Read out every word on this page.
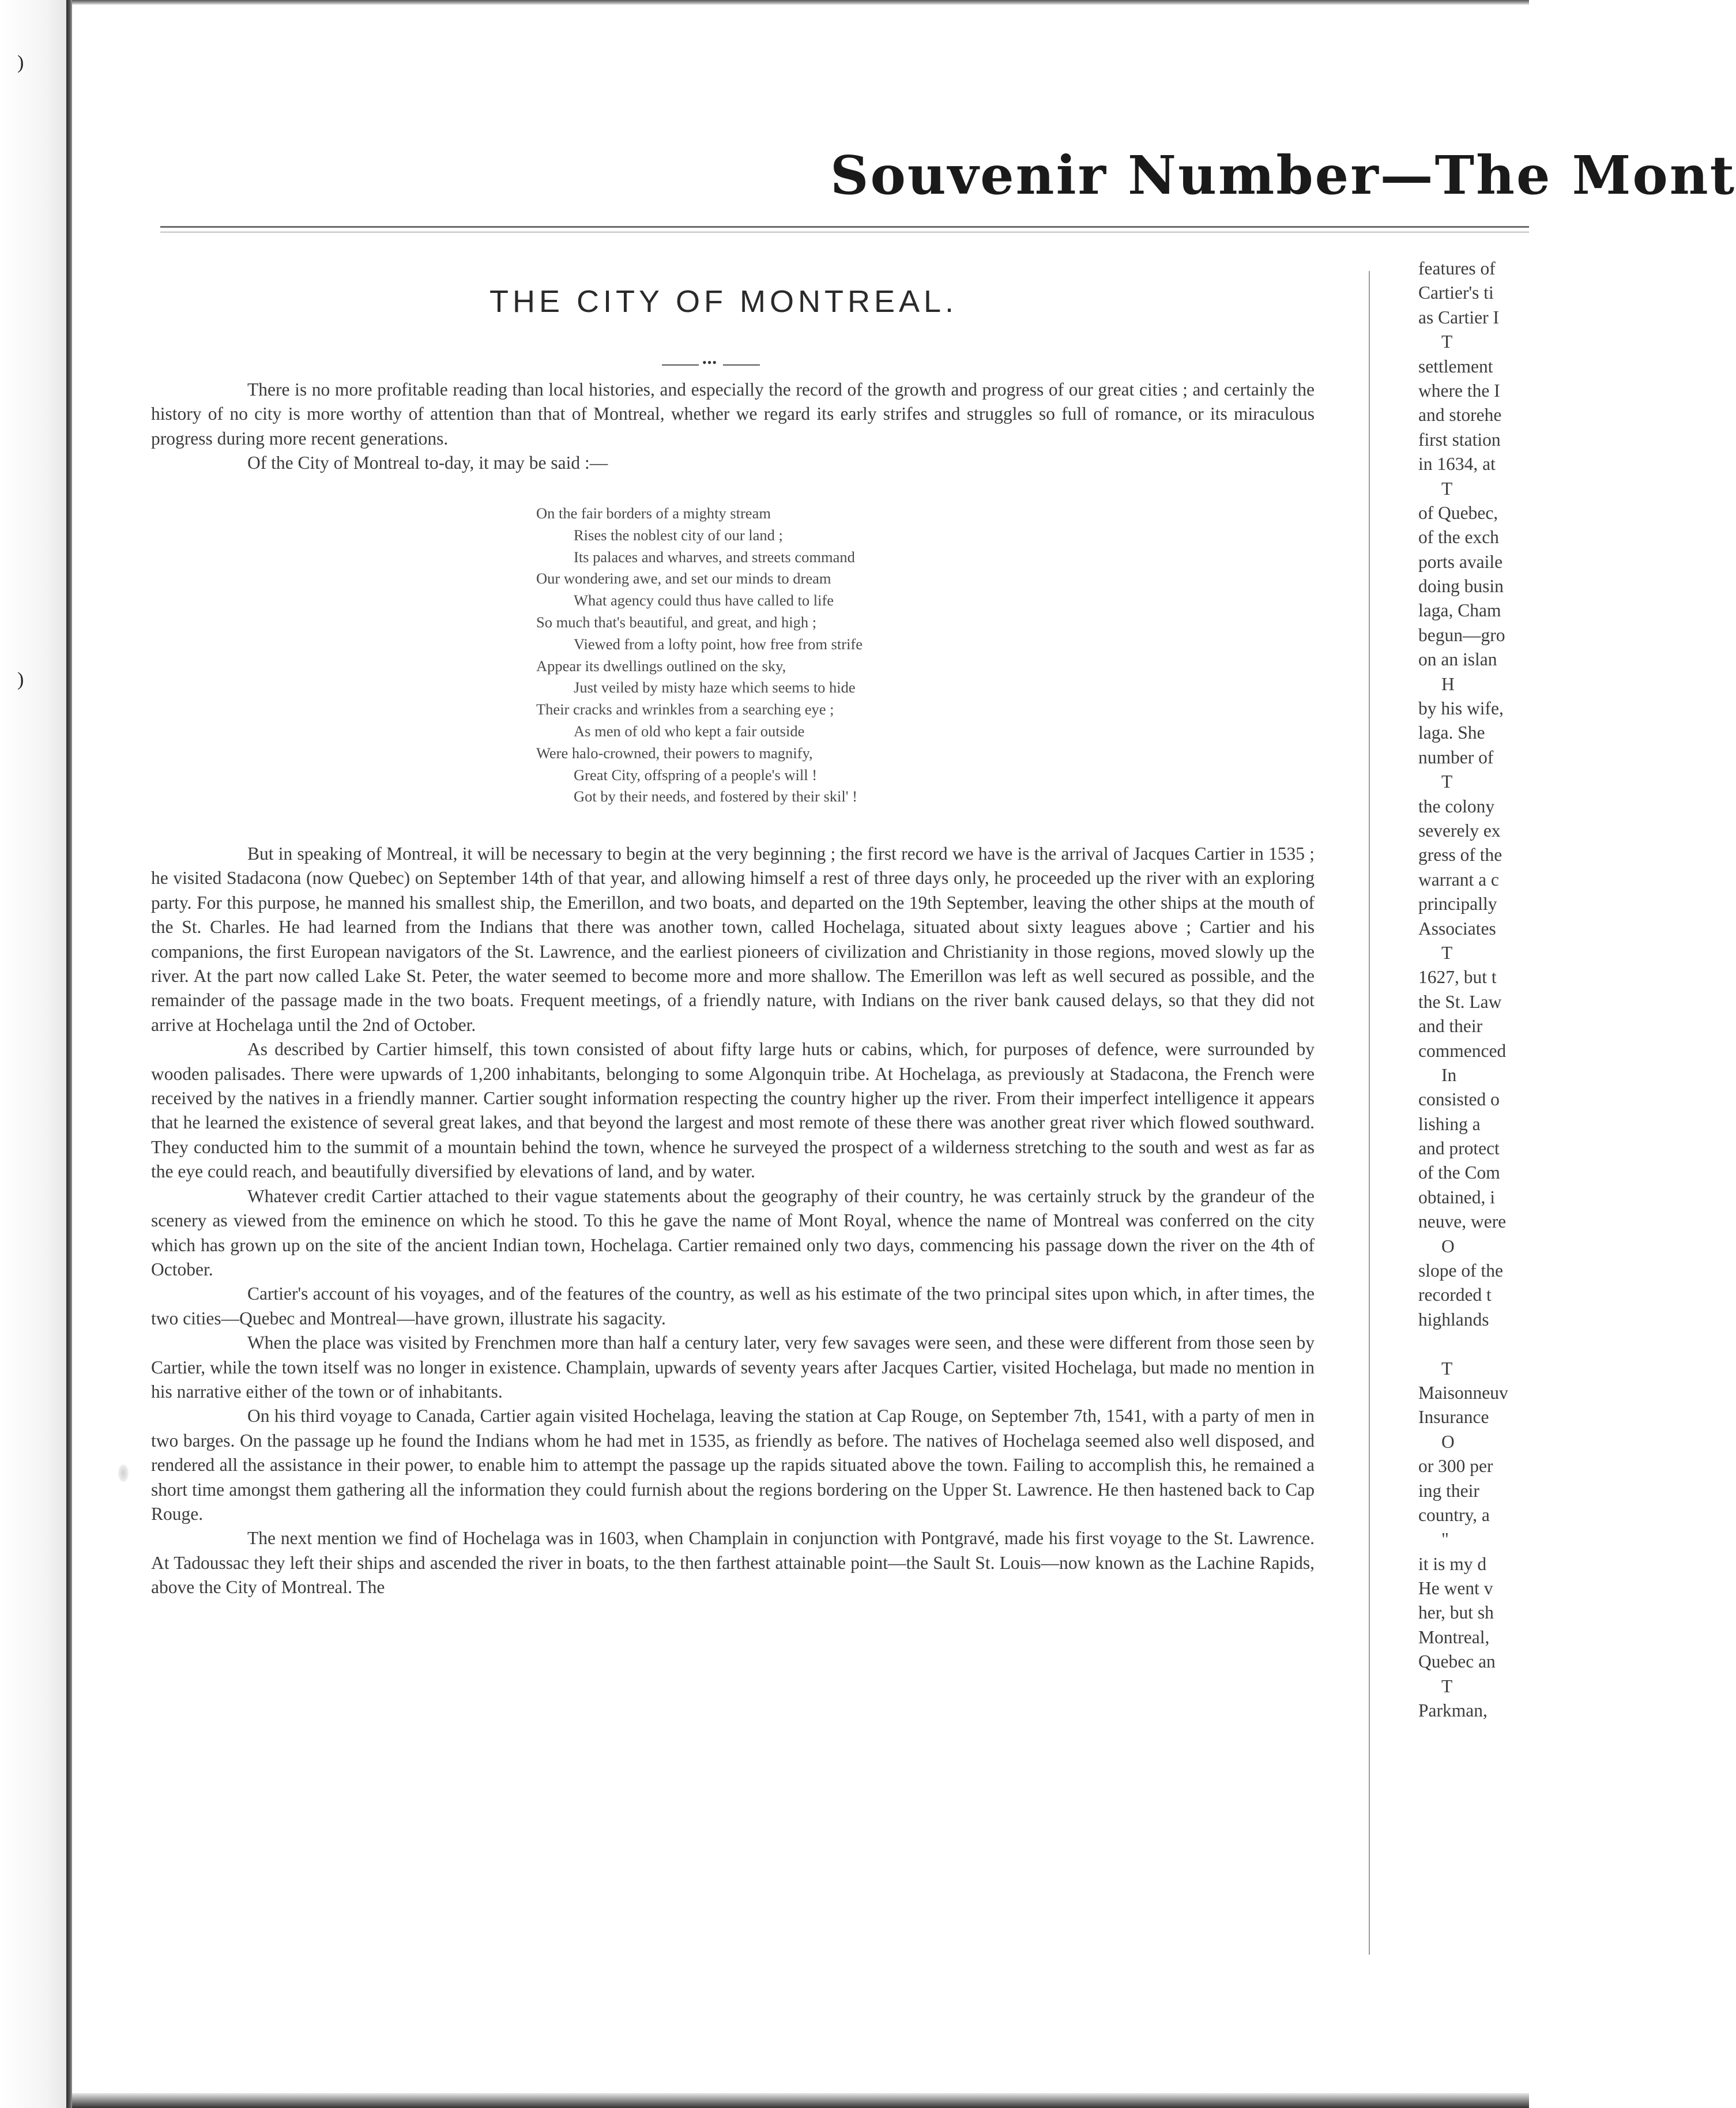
)
)
Souvenir Number—The Mont
THE CITY OF MONTREAL.
•••

There is no more profitable reading than local histories, and especially the record of the growth and progress of our great cities ; and certainly the history of no city is more worthy of attention than that of Montreal, whether we regard its early strifes and struggles so full of romance, or its miraculous progress during more recent generations.

Of the City of Montreal to-day, it may be said :—

On the fair borders of a mighty stream
Rises the noblest city of our land ;
Its palaces and wharves, and streets command
Our wondering awe, and set our minds to dream
What agency could thus have called to life
So much that's beautiful, and great, and high ;
Viewed from a lofty point, how free from strife
Appear its dwellings outlined on the sky,
Just veiled by misty haze which seems to hide
Their cracks and wrinkles from a searching eye ;
As men of old who kept a fair outside
Were halo-crowned, their powers to magnify,
Great City, offspring of a people's will !
Got by their needs, and fostered by their skil' !

But in speaking of Montreal, it will be necessary to begin at the very beginning ; the first record we have is the arrival of Jacques Cartier in 1535 ; he visited Stadacona (now Quebec) on September 14th of that year, and allowing himself a rest of three days only, he proceeded up the river with an exploring party. For this purpose, he manned his smallest ship, the Emerillon, and two boats, and departed on the 19th September, leaving the other ships at the mouth of the St. Charles. He had learned from the Indians that there was another town, called Hochelaga, situated about sixty leagues above ; Cartier and his companions, the first European navigators of the St. Lawrence, and the earliest pioneers of civilization and Christianity in those regions, moved slowly up the river. At the part now called Lake St. Peter, the water seemed to become more and more shallow. The Emerillon was left as well secured as possible, and the remainder of the passage made in the two boats. Frequent meetings, of a friendly nature, with Indians on the river bank caused delays, so that they did not arrive at Hochelaga until the 2nd of October.

As described by Cartier himself, this town consisted of about fifty large huts or cabins, which, for purposes of defence, were surrounded by wooden palisades. There were upwards of 1,200 inhabitants, belonging to some Algonquin tribe. At Hochelaga, as previously at Stadacona, the French were received by the natives in a friendly manner. Cartier sought information respecting the country higher up the river. From their imperfect intelligence it appears that he learned the existence of several great lakes, and that beyond the largest and most remote of these there was another great river which flowed southward. They conducted him to the summit of a mountain behind the town, whence he surveyed the prospect of a wilderness stretching to the south and west as far as the eye could reach, and beautifully diversified by elevations of land, and by water.

Whatever credit Cartier attached to their vague statements about the geography of their country, he was certainly struck by the grandeur of the scenery as viewed from the eminence on which he stood. To this he gave the name of Mont Royal, whence the name of Montreal was conferred on the city which has grown up on the site of the ancient Indian town, Hochelaga. Cartier remained only two days, commencing his passage down the river on the 4th of October.

Cartier's account of his voyages, and of the features of the country, as well as his estimate of the two principal sites upon which, in after times, the two cities—Quebec and Montreal—have grown, illustrate his sagacity.

When the place was visited by Frenchmen more than half a century later, very few savages were seen, and these were different from those seen by Cartier, while the town itself was no longer in existence. Champlain, upwards of seventy years after Jacques Cartier, visited Hochelaga, but made no mention in his narrative either of the town or of inhabitants.

On his third voyage to Canada, Cartier again visited Hochelaga, leaving the station at Cap Rouge, on September 7th, 1541, with a party of men in two barges. On the passage up he found the Indians whom he had met in 1535, as friendly as before. The natives of Hochelaga seemed also well disposed, and rendered all the assistance in their power, to enable him to attempt the passage up the rapids situated above the town. Failing to accomplish this, he remained a short time amongst them gathering all the information they could furnish about the regions bordering on the Upper St. Lawrence. He then hastened back to Cap Rouge.

The next mention we find of Hochelaga was in 1603, when Champlain in conjunction with Pontgravé, made his first voyage to the St. Lawrence. At Tadoussac they left their ships and ascended the river in boats, to the then farthest attainable point—the Sault St. Louis—now known as the Lachine Rapids, above the City of Montreal. The

features of
Cartier's ti
as Cartier I
T
settlement
where the I
and storehe
first station
in 1634, at
T
of Quebec,
of the exch
ports availe
doing busin
laga, Cham
begun—gro
on an islan
H
by his wife,
laga. She
number of
T
the colony
severely ex
gress of the
warrant a c
principally
Associates
T
1627, but t
the St. Law
and their
commenced
In
consisted o
lishing a
and protect
of the Com
obtained, i
neuve, were
O
slope of the
recorded t
highlands
T
Maisonneuv
Insurance
O
or 300 per
ing their
country, a
"
it is my d
He went v
her, but sh
Montreal,
Quebec an
T
Parkman,
